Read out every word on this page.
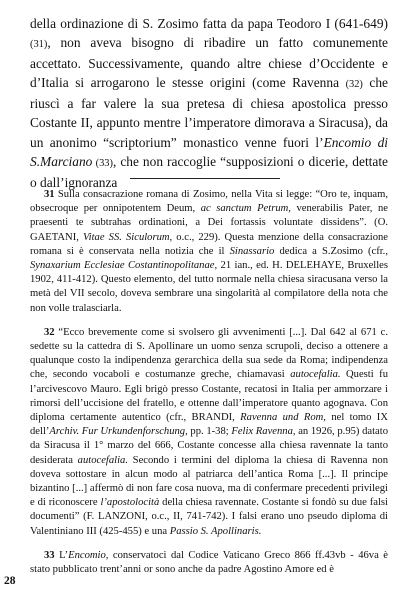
della ordinazione di S. Zosimo fatta da papa Teodoro I (641-649) (31), non aveva bisogno di ribadire un fatto comunemente accettato. Successivamente, quando altre chiese d’Occidente e d’Italia si arrogarono le stesse origini (come Ravenna (32) che riuscì a far valere la sua pretesa di chiesa apostolica presso Costante II, appunto mentre l’imperatore dimorava a Siracusa), da un anonimo “scriptorium” monastico venne fuori l’Encomio di S.Marciano (33), che non raccoglie “supposizioni o dicerie, dettate o dall’ignoranza

31 Sulla consacrazione romana di Zosimo, nella Vita si legge: “Oro te, inquam, obsecroque per onnipotentem Deum, ac sanctum Petrum, venerabilis Pater, ne praesenti te subtrahas ordinationi, a Dei fortassis voluntate dissidens”. (O. GAETANI, Vitae SS. Siculorum, o.c., 229). Questa menzione della consacrazione romana si è conservata nella notizia che il Sinassario dedica a S.Zosimo (cfr., Synaxarium Ecclesiae Costantinopolitanae, 21 ian., ed. H. DELEHAYE, Bruxelles 1902, 411-412). Questo elemento, del tutto normale nella chiesa siracusana verso la metà del VII secolo, doveva sembrare una singolarità al compilatore della nota che non volle tralasciarla.

32 “Ecco brevemente come si svolsero gli avvenimenti [...]. Dal 642 al 671 c. sedette su la cattedra di S. Apollinare un uomo senza scrupoli, deciso a ottenere a qualunque costo la indipendenza gerarchica della sua sede da Roma; indipendenza che, secondo vocaboli e costumanze greche, chiamavasi autocefalia. Questi fu l’arcivescovo Mauro. Egli brigò presso Costante, recatosi in Italia per ammorzare i rimorsi dell’uccisione del fratello, e ottenne dall’imperatore quanto agognava. Con diploma certamente autentico (cfr., BRANDI, Ravenna und Rom, nel tomo IX dell’Archiv. Fur Urkundenforschung, pp. 1-38; Felix Ravenna, an 1926, p.95) datato da Siracusa il 1° marzo del 666, Costante concesse alla chiesa ravennate la tanto desiderata autocefalia. Secondo i termini del diploma la chiesa di Ravenna non doveva sottostare in alcun modo al patriarca dell’antica Roma [...]. Il principe bizantino [...] affermò di non fare cosa nuova, ma di confermare precedenti privilegi e di riconoscere l’apostolocità della chiesa ravennate. Costante si fondò su due falsi documenti” (F. LANZONI, o.c., II, 741-742). I falsi erano uno pseudo diploma di Valentiniano III (425-455) e una Passio S. Apollinaris.

33 L’Encomio, conservatoci dal Codice Vaticano Greco 866 ff.43vb - 46va è stato pubblicato trent’anni or sono anche da padre Agostino Amore ed è

28
